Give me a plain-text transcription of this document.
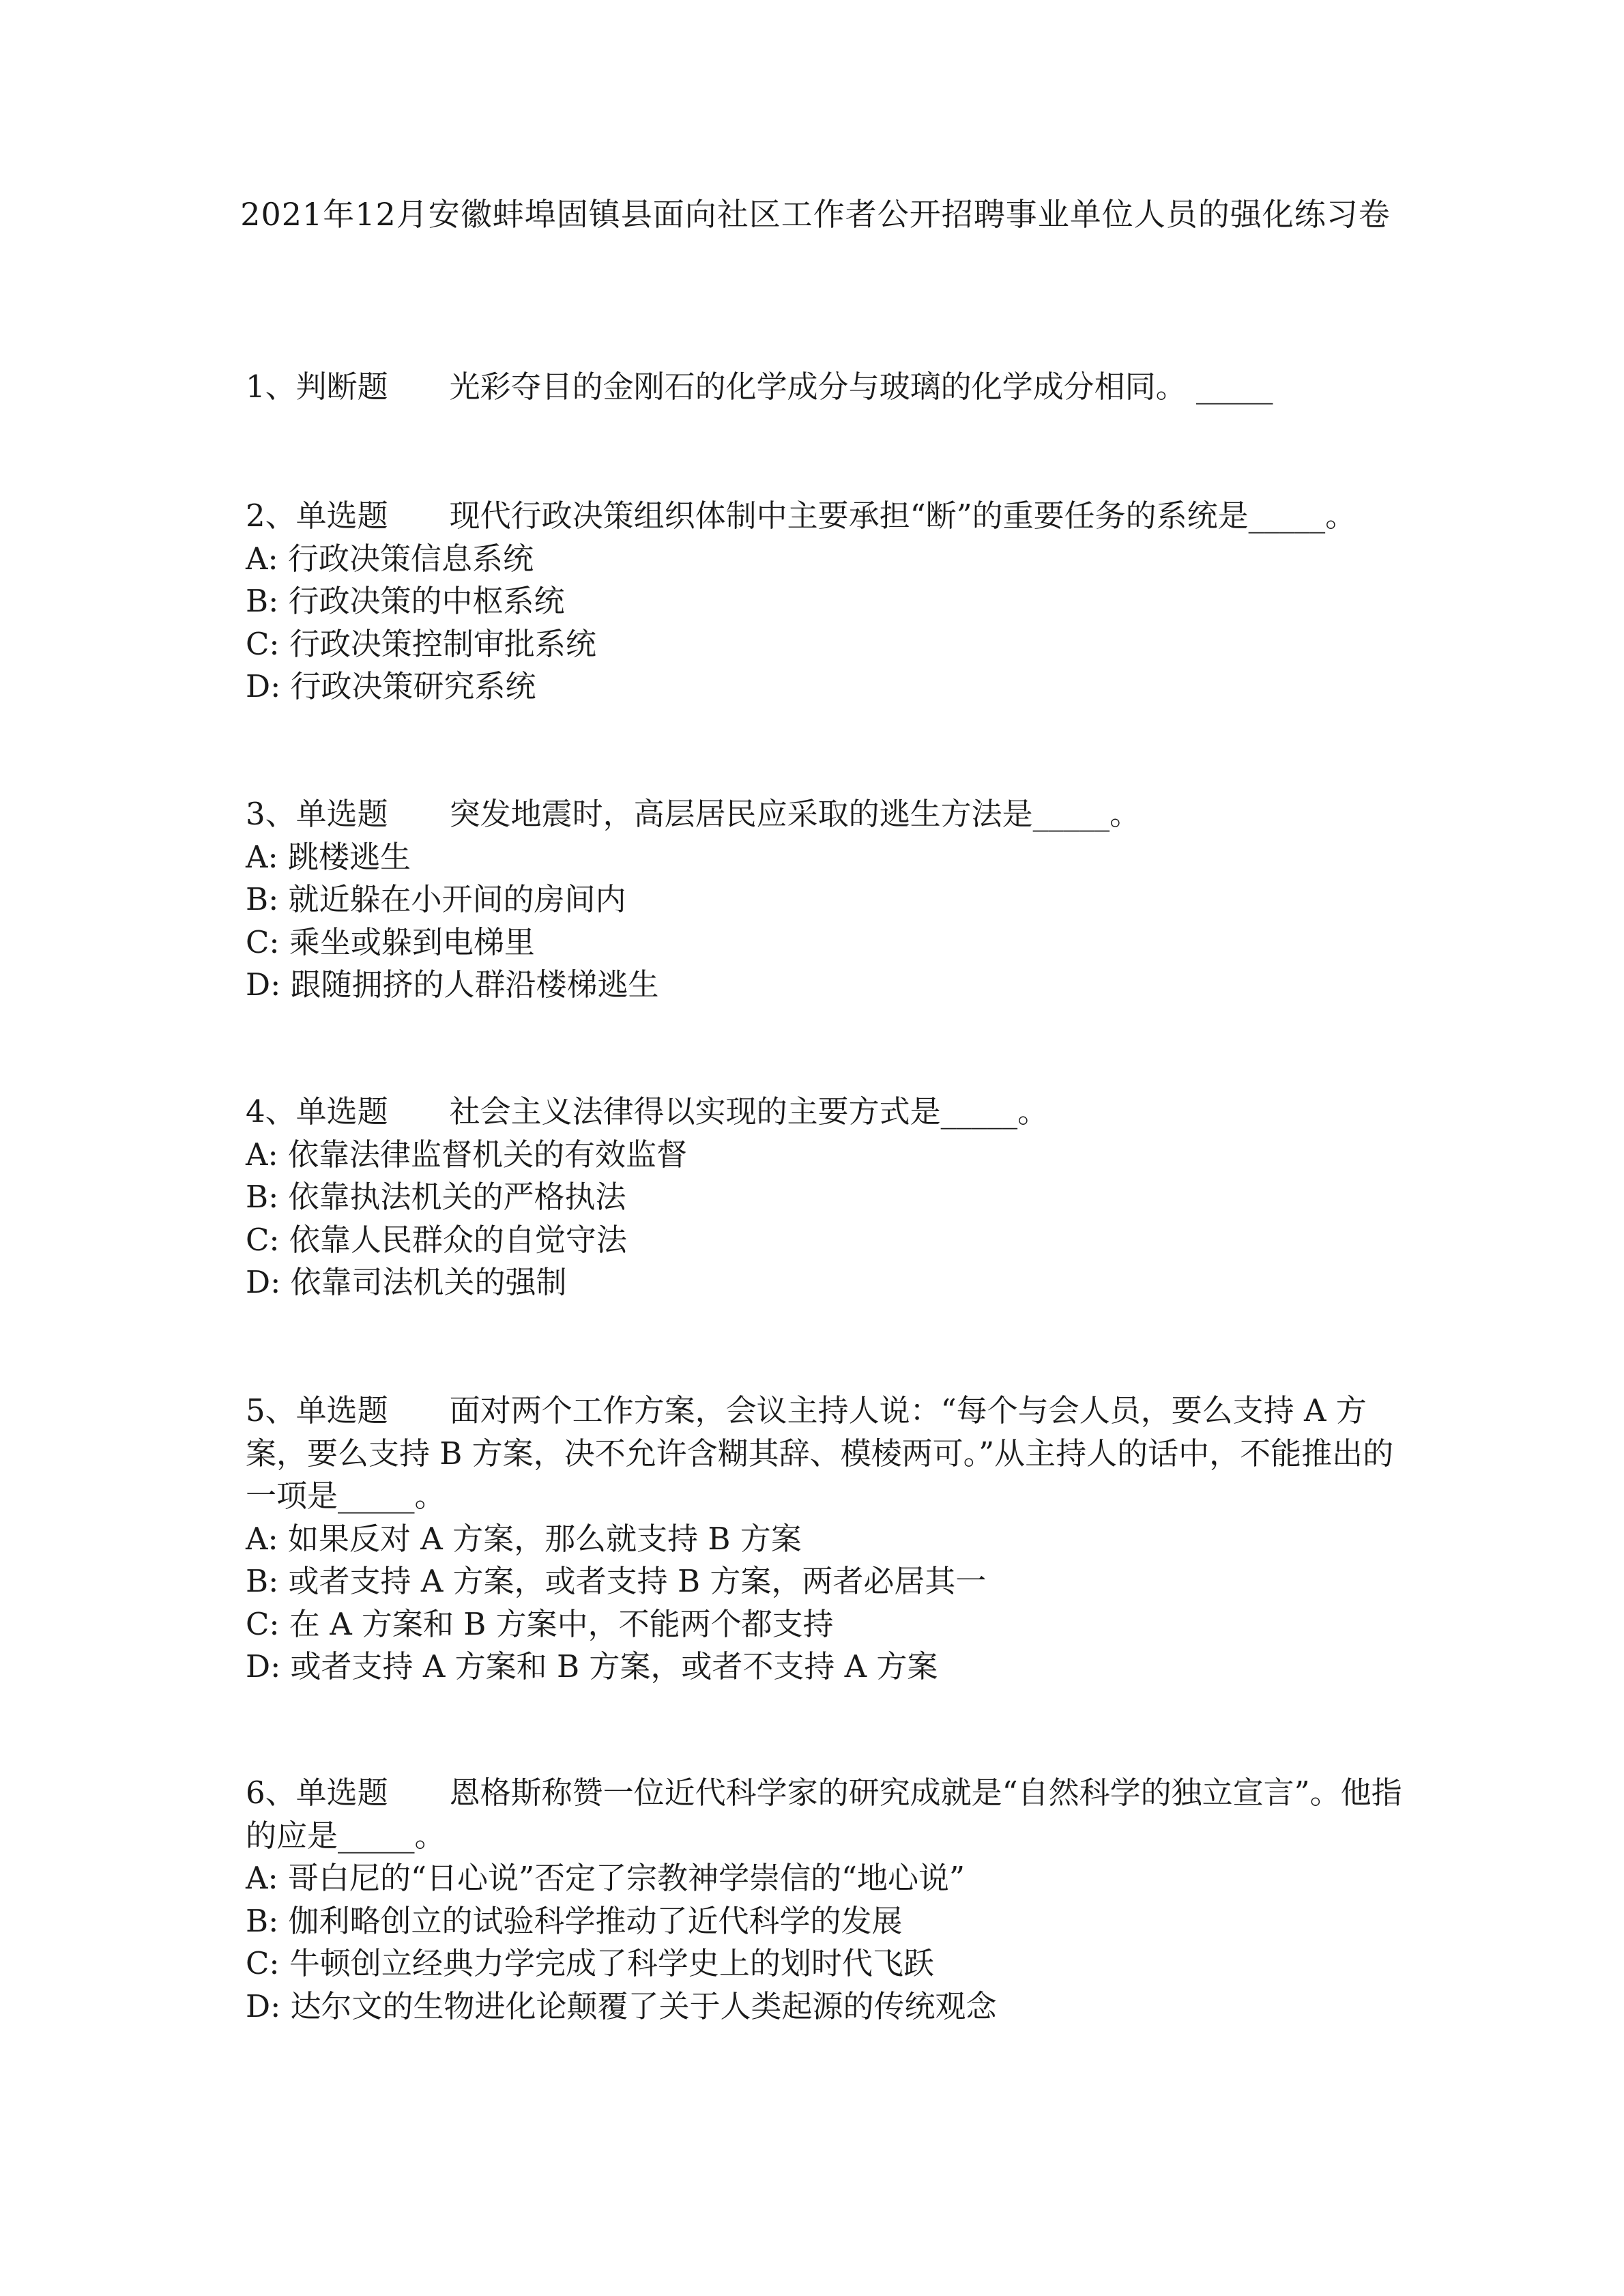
2021年12月安徽蚌埠固镇县面向社区工作者公开招聘事业单位人员的强化练习卷

1、判断题　　 光彩夺目的金刚石的化学成分与玻璃的化学成分相同。 _____

2、单选题　　 现代行政决策组织体制中主要承担“断”的重要任务的系统是_____。

A: 行政决策信息系统
B: 行政决策的中枢系统
C: 行政决策控制审批系统
D: 行政决策研究系统

3、单选题　　 突发地震时，高层居民应采取的逃生方法是_____。

A: 跳楼逃生
B: 就近躲在小开间的房间内
C: 乘坐或躲到电梯里
D: 跟随拥挤的人群沿楼梯逃生

4、单选题　　 社会主义法律得以实现的主要方式是_____。

A: 依靠法律监督机关的有效监督
B: 依靠执法机关的严格执法
C: 依靠人民群众的自觉守法
D: 依靠司法机关的强制

5、单选题　　 面对两个工作方案，会议主持人说：“每个与会人员，要么支持 A 方案，要么支持 B 方案，决不允许含糊其辞、模棱两可。”从主持人的话中，不能推出的一项是_____。

A: 如果反对 A 方案，那么就支持 B 方案
B: 或者支持 A 方案，或者支持 B 方案，两者必居其一
C: 在 A 方案和 B 方案中，不能两个都支持
D: 或者支持 A 方案和 B 方案，或者不支持 A 方案

6、单选题　　 恩格斯称赞一位近代科学家的研究成就是“自然科学的独立宣言”。他指的应是_____。

A: 哥白尼的“日心说”否定了宗教神学崇信的“地心说”
B: 伽利略创立的试验科学推动了近代科学的发展
C: 牛顿创立经典力学完成了科学史上的划时代飞跃
D: 达尔文的生物进化论颠覆了关于人类起源的传统观念
